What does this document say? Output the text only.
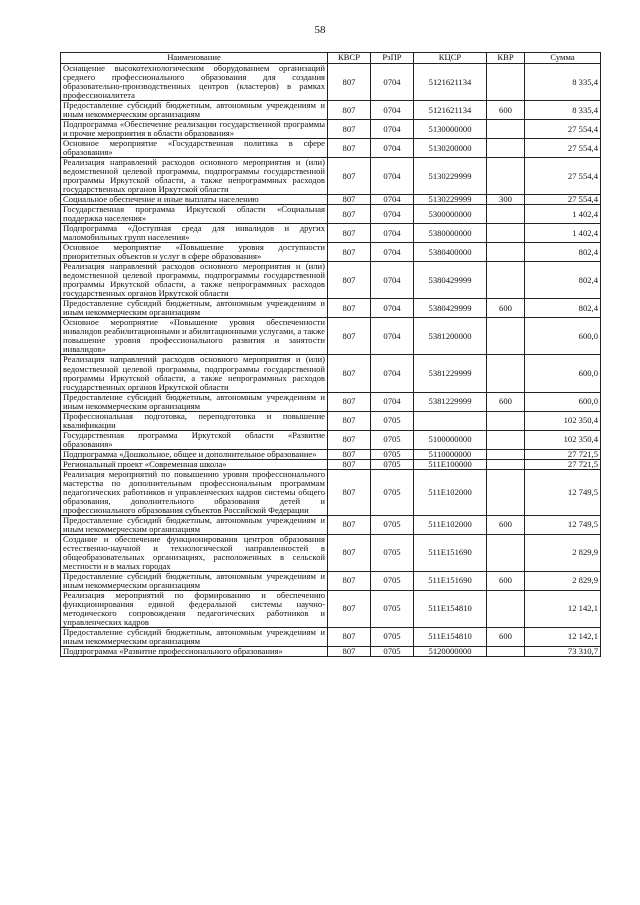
58
Наименование	КВСР	РзПР	КЦСР	КВР	Сумма
Оснащение высокотехнологическим оборудованием организаций среднего профессионального образования для создания образовательно-производственных центров (кластеров) в рамках профессионалитета	807	0704	5121621134		8 335,4
Предоставление субсидий бюджетным, автономным учреждениям и иным некоммерческим организациям	807	0704	5121621134	600	8 335,4
Подпрограмма «Обеспечение реализации государственной программы и прочие мероприятия в области образования»	807	0704	5130000000		27 554,4
Основное мероприятие «Государственная политика в сфере образования»	807	0704	5130200000		27 554,4
Реализация направлений расходов основного мероприятия и (или) ведомственной целевой программы, подпрограммы государственной программы Иркутской области, а также непрограммных расходов государственных органов Иркутской области	807	0704	5130229999		27 554,4
Социальное обеспечение и иные выплаты населению	807	0704	5130229999	300	27 554,4
Государственная программа Иркутской области «Социальная поддержка населения»	807	0704	5300000000		1 402,4
Подпрограмма «Доступная среда для инвалидов и других маломобильных групп населения»	807	0704	5380000000		1 402,4
Основное мероприятие «Повышение уровня доступности приоритетных объектов и услуг в сфере образования»	807	0704	5380400000		802,4
Реализация направлений расходов основного мероприятия и (или) ведомственной целевой программы, подпрограммы государственной программы Иркутской области, а также непрограммных расходов государственных органов Иркутской области	807	0704	5380429999		802,4
Предоставление субсидий бюджетным, автономным учреждениям и иным некоммерческим организациям	807	0704	5380429999	600	802,4
Основное мероприятие «Повышение уровня обеспеченности инвалидов реабилитационными и абилитационными услугами, а также повышение уровня профессионального развития и занятости инвалидов»	807	0704	5381200000		600,0
Реализация направлений расходов основного мероприятия и (или) ведомственной целевой программы, подпрограммы государственной программы Иркутской области, а также непрограммных расходов государственных органов Иркутской области	807	0704	5381229999		600,0
Предоставление субсидий бюджетным, автономным учреждениям и иным некоммерческим организациям	807	0704	5381229999	600	600,0
Профессиональная подготовка, переподготовка и повышение квалификации	807	0705			102 350,4
Государственная программа Иркутской области «Развитие образования»	807	0705	5100000000		102 350,4
Подпрограмма «Дошкольное, общее и дополнительное образование»	807	0705	5110000000		27 721,5
Региональный проект «Современная школа»	807	0705	511E100000		27 721,5
Реализация мероприятий по повышению уровня профессионального мастерства по дополнительным профессиональным программам педагогических работников и управленческих кадров системы общего образования, дополнительного образования детей и профессионального образования субъектов Российской Федерации	807	0705	511E102000		12 749,5
Предоставление субсидий бюджетным, автономным учреждениям и иным некоммерческим организациям	807	0705	511E102000	600	12 749,5
Создание и обеспечение функционирования центров образования естественно-научной и технологической направленностей в общеобразовательных организациях, расположенных в сельской местности и в малых городах	807	0705	511E151690		2 829,9
Предоставление субсидий бюджетным, автономным учреждениям и иным некоммерческим организациям	807	0705	511E151690	600	2 829,9
Реализация мероприятий по формированию и обеспечению функционирования единой федеральной системы научно-методического сопровождения педагогических работников и управленческих кадров	807	0705	511E154810		12 142,1
Предоставление субсидий бюджетным, автономным учреждениям и иным некоммерческим организациям	807	0705	511E154810	600	12 142,1
Подпрограмма «Развитие профессионального образования»	807	0705	5120000000		73 310,7
